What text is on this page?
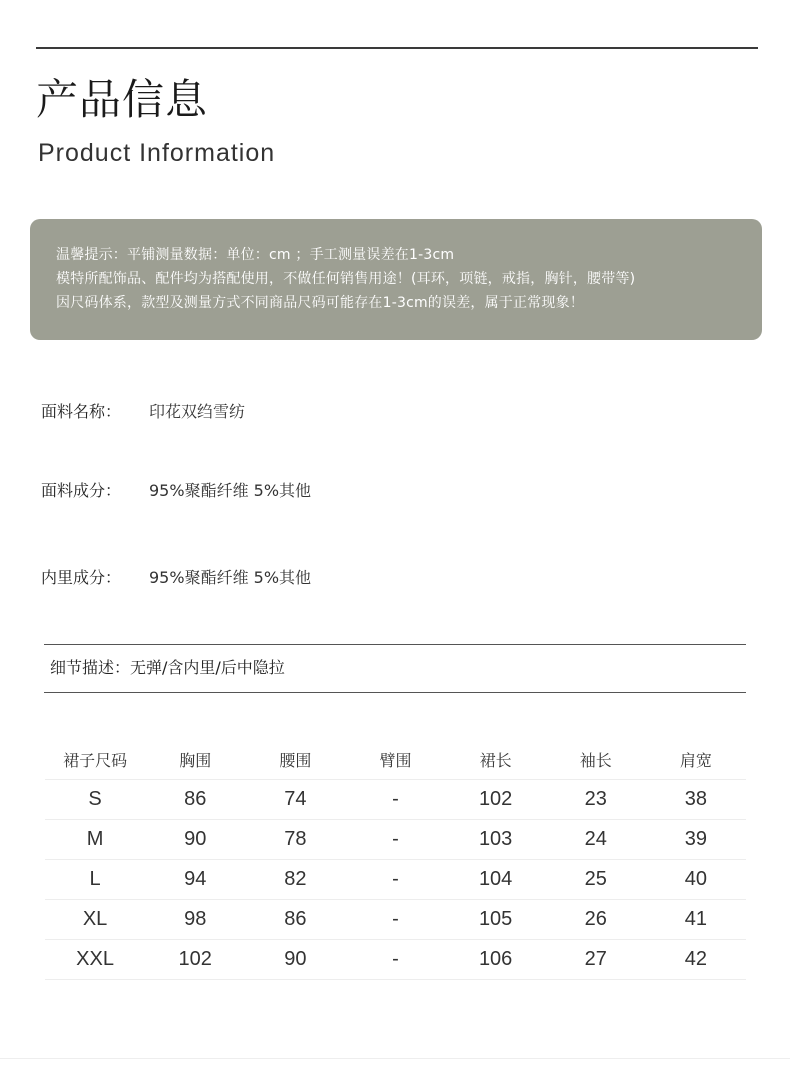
产品信息
Product Information
温馨提示：平铺测量数据：单位：cm ；手工测量误差在1-3cm
模特所配饰品、配件均为搭配使用，不做任何销售用途！(耳环，项链，戒指，胸针，腰带等)
因尺码体系，款型及测量方式不同商品尺码可能存在1-3cm的误差，属于正常现象！
面料名称： 印花双绉雪纺
面料成分： 95%聚酯纤维 5%其他
内里成分： 95%聚酯纤维 5%其他
细节描述：无弹/含内里/后中隐拉
裙子尺码	胸围	腰围	臂围	裙长	袖长	肩宽
S	86	74	-	102	23	38
M	90	78	-	103	24	39
L	94	82	-	104	25	40
XL	98	86	-	105	26	41
XXL	102	90	-	106	27	42
